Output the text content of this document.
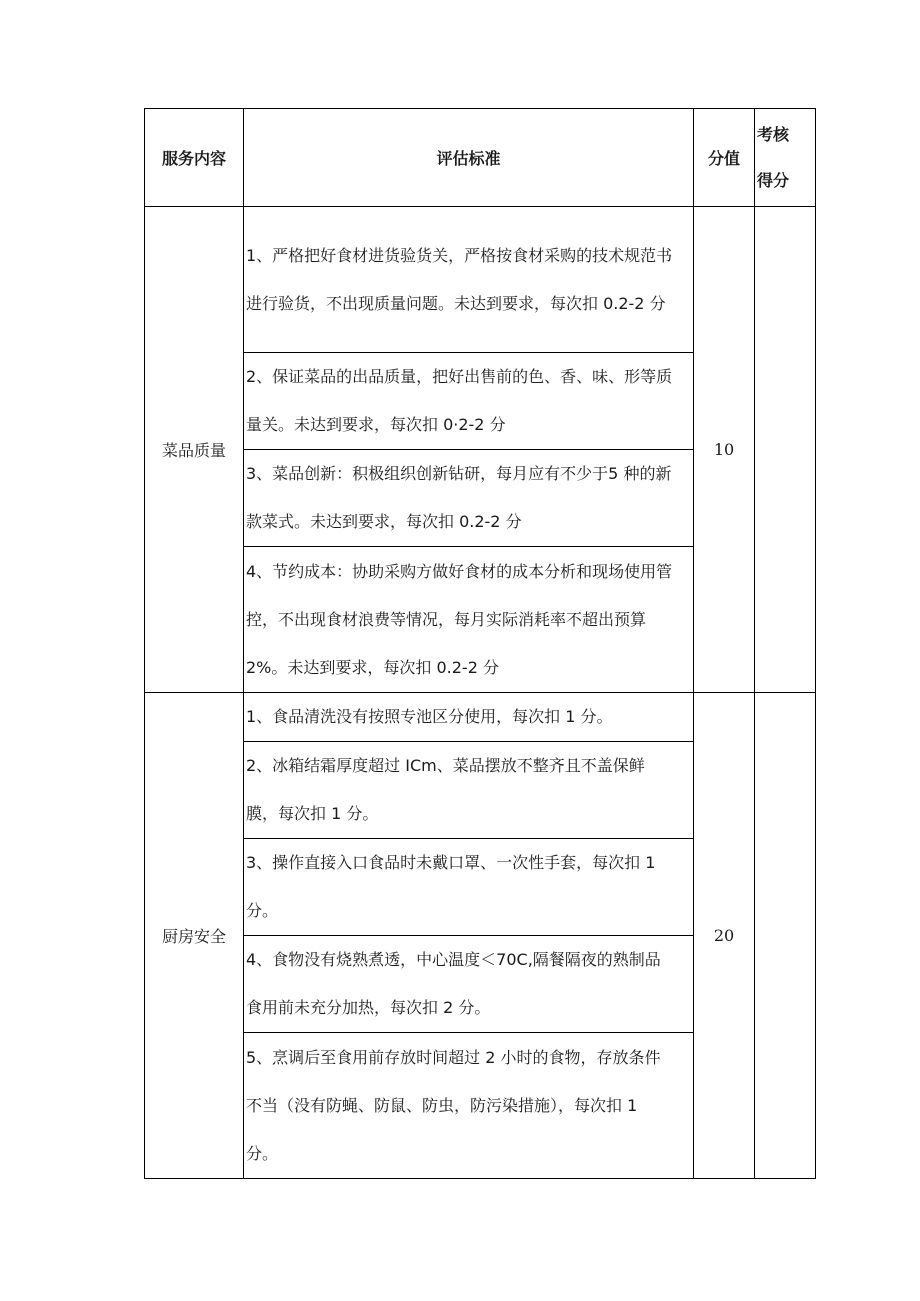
服务内容	评估标准	分值	考核
得分

菜品质量	1、严格把好食材进货验货关，严格按食材采购的技术规范书进行验货，不出现质量问题。未达到要求，每次扣 0.2-2 分	10	
	2、保证菜品的出品质量，把好出售前的色、香、味、形等质量关。未达到要求，每次扣 0·2-2 分		
	3、菜品创新：积极组织创新钻研，每月应有不少于5 种的新款菜式。未达到要求，每次扣 0.2-2 分		
	4、节约成本：协助采购方做好食材的成本分析和现场使用管控，不出现食材浪费等情况，每月实际消耗率不超出预算 2%。未达到要求，每次扣 0.2-2 分		
厨房安全	1、食品清洗没有按照专池区分使用，每次扣 1 分。	20	
	2、冰箱结霜厚度超过 ICm、菜品摆放不整齐且不盖保鲜膜，每次扣 1 分。		
	3、操作直接入口食品时未戴口罩、一次性手套，每次扣 1 分。		
	4、食物没有烧熟煮透，中心温度＜70C,隔餐隔夜的熟制品食用前未充分加热，每次扣 2 分。		
	5、烹调后至食用前存放时间超过 2 小时的食物，存放条件不当（没有防蝇、防鼠、防虫，防污染措施），每次扣 1 分。		
